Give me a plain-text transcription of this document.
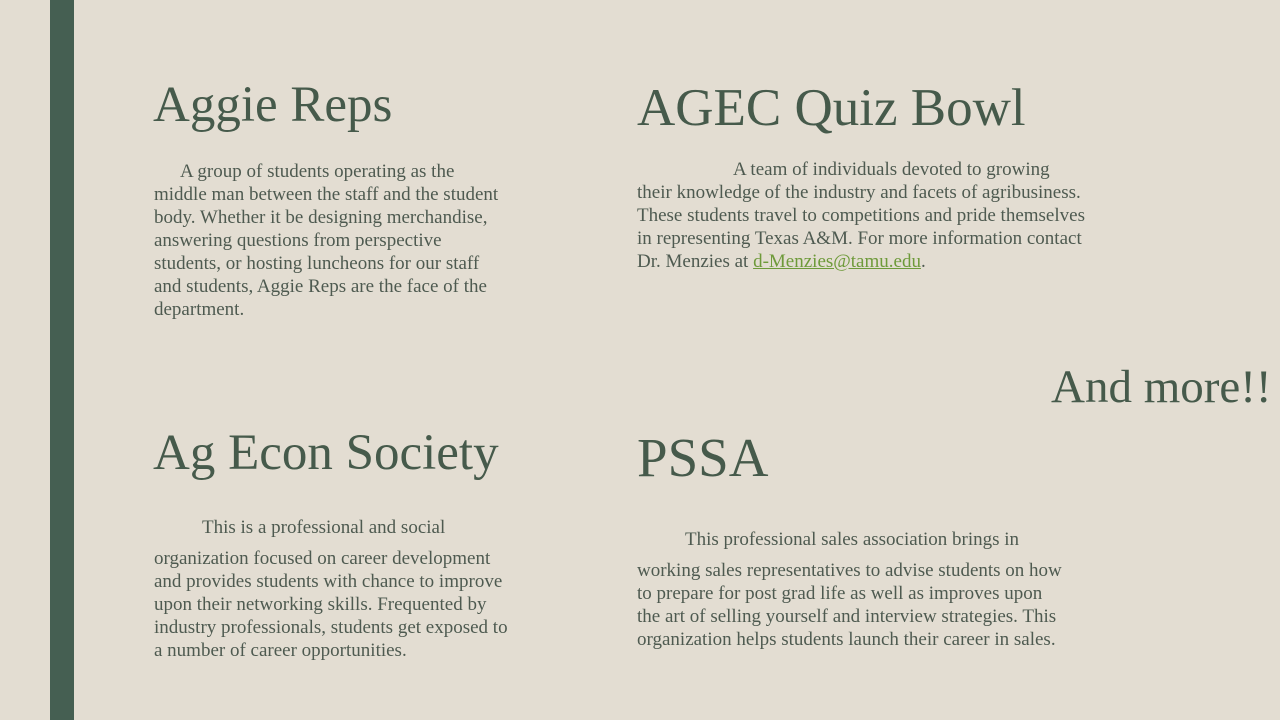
Aggie Reps

A group of students operating as the middle man between the staff and the student body. Whether it be designing merchandise, answering questions from perspective students, or hosting luncheons for our staff and students, Aggie Reps are the face of the department.

AGEC Quiz Bowl

A team of individuals devoted to growing their knowledge of the industry and facets of agribusiness. These students travel to competitions and pride themselves in representing Texas A&M. For more information contact Dr. Menzies at d-Menzies@tamu.edu.

And more!!
Ag Econ Society

This is a professional and social
organization focused on career development and provides students with chance to improve upon their networking skills. Frequented by industry professionals, students get exposed to a number of career opportunities.

PSSA

This professional sales association brings in
working sales representatives to advise students on how to prepare for post grad life as well as improves upon the art of selling yourself and interview strategies. This organization helps students launch their career in sales.
